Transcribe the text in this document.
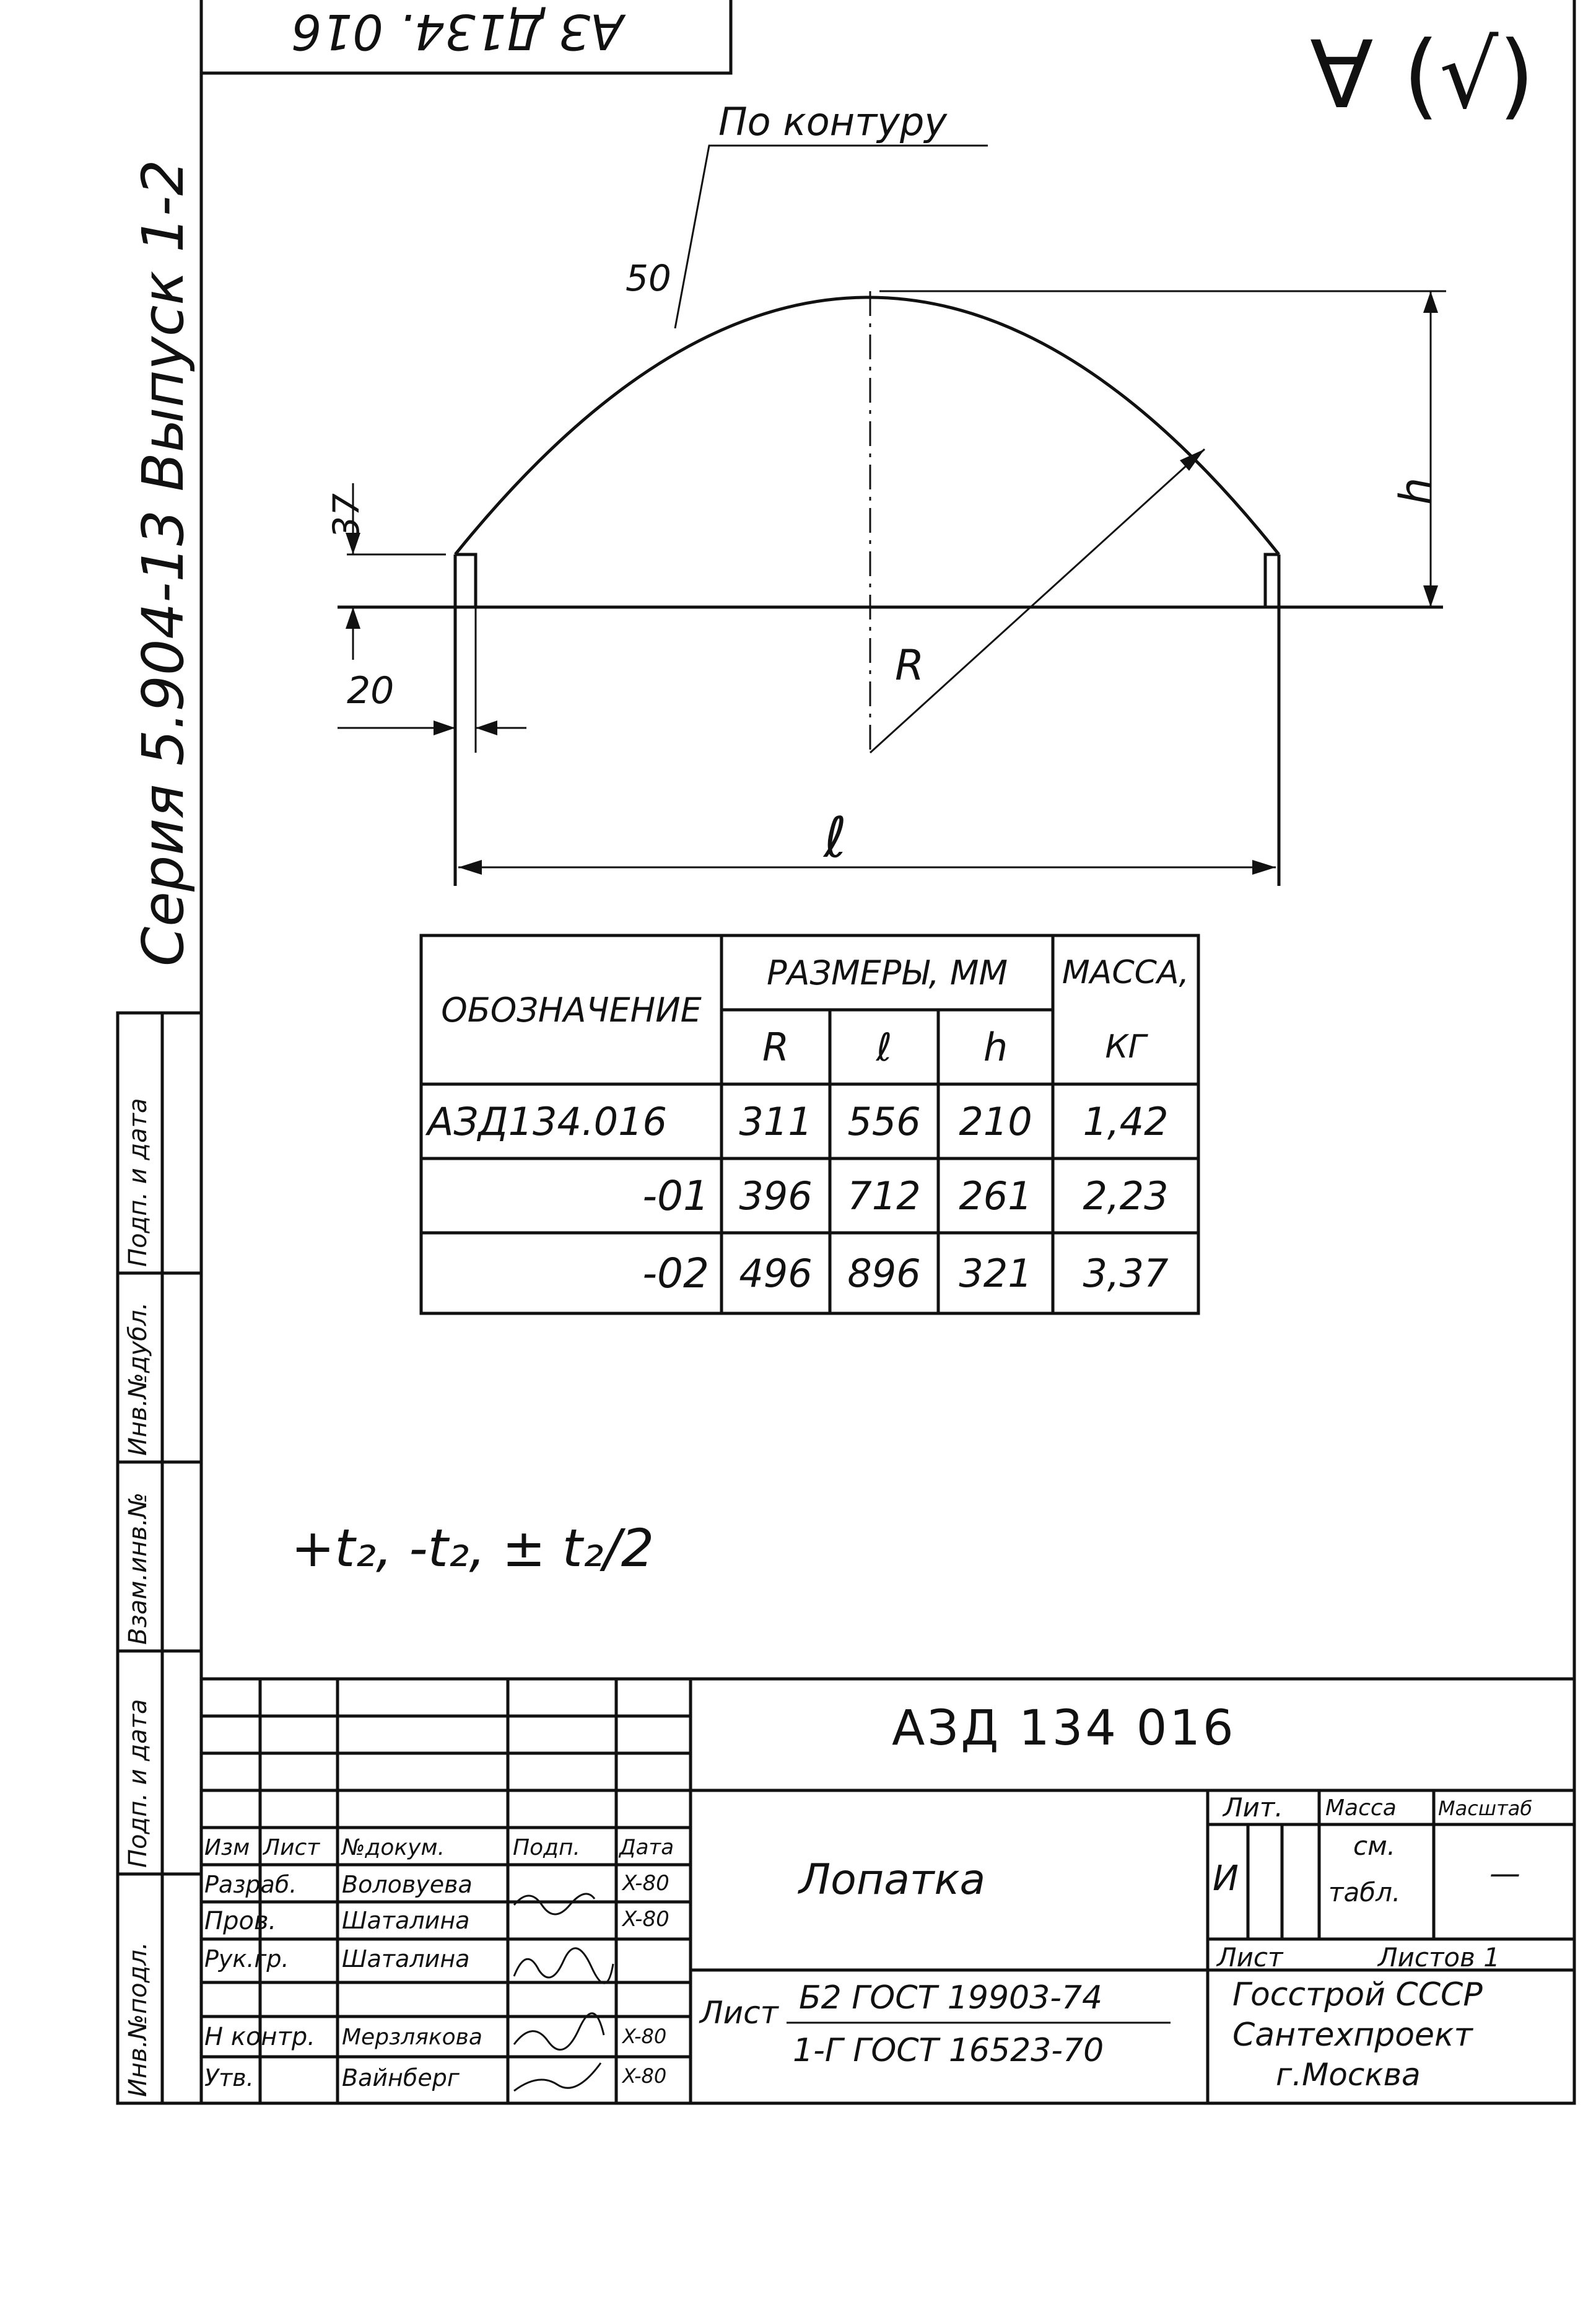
АЗ Д134. 016	∀ (√)
Серия 5.904-13 Выпуск 1-2
По контуру
50
37
20
R
h
ℓ
ОБОЗНАЧЕНИЕ
РАЗМЕРЫ, ММ	МАССА,
КГ
R	ℓ	h
АЗД134.016	311 556 210	1,42
-01 396 712 261	2,23
-02 496 896 321	3,37
+t₂, -t₂, ± t₂/2
Инв.№подл.
Подп. и дата
Взам.инв.№
Инв.№дубл.
Подп. и дата
АЗД 134 016
Лопатка
Изм Лист №докум.	Подп. Дата
Разраб. Воловуева	X-80
Пров.	Шаталина	X-80
Рук.гр. Шаталина
Н контр. Мерзлякова	X-80
Утв.	Вайнберг	X-80
Лит. Масса Масштаб
И
см.
табл.
—
Лист	Листов 1
Лист Б2 ГОСТ 19903-74
1-Г ГОСТ 16523-70
Госстрой СССР
Сантехпроект
г.Москва
